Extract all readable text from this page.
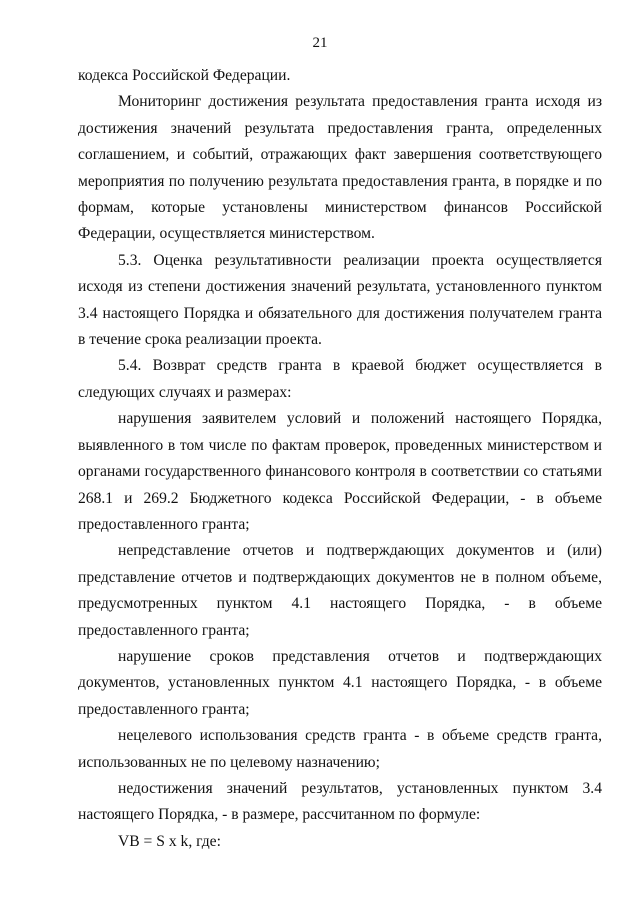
21

кодекса Российской Федерации.

Мониторинг достижения результата предоставления гранта исходя из достижения значений результата предоставления гранта, определенных соглашением, и событий, отражающих факт завершения соответствующего мероприятия по получению результата предоставления гранта, в порядке и по формам, которые установлены министерством финансов Российской Федерации, осуществляется министерством.

5.3. Оценка результативности реализации проекта осуществляется исходя из степени достижения значений результата, установленного пунктом 3.4 настоящего Порядка и обязательного для достижения получателем гранта в течение срока реализации проекта.

5.4. Возврат средств гранта в краевой бюджет осуществляется в следующих случаях и размерах:

нарушения заявителем условий и положений настоящего Порядка, выявленного в том числе по фактам проверок, проведенных министерством и органами государственного финансового контроля в соответствии со статьями 268.1 и 269.2 Бюджетного кодекса Российской Федерации, - в объеме предоставленного гранта;

непредставление отчетов и подтверждающих документов и (или) представление отчетов и подтверждающих документов не в полном объеме, предусмотренных пунктом 4.1 настоящего Порядка, - в объеме предоставленного гранта;

нарушение сроков представления отчетов и подтверждающих документов, установленных пунктом 4.1 настоящего Порядка, - в объеме предоставленного гранта;

нецелевого использования средств гранта - в объеме средств гранта, использованных не по целевому назначению;

недостижения значений результатов, установленных пунктом 3.4 настоящего Порядка, - в размере, рассчитанном по формуле:

VB = S x k, где:
